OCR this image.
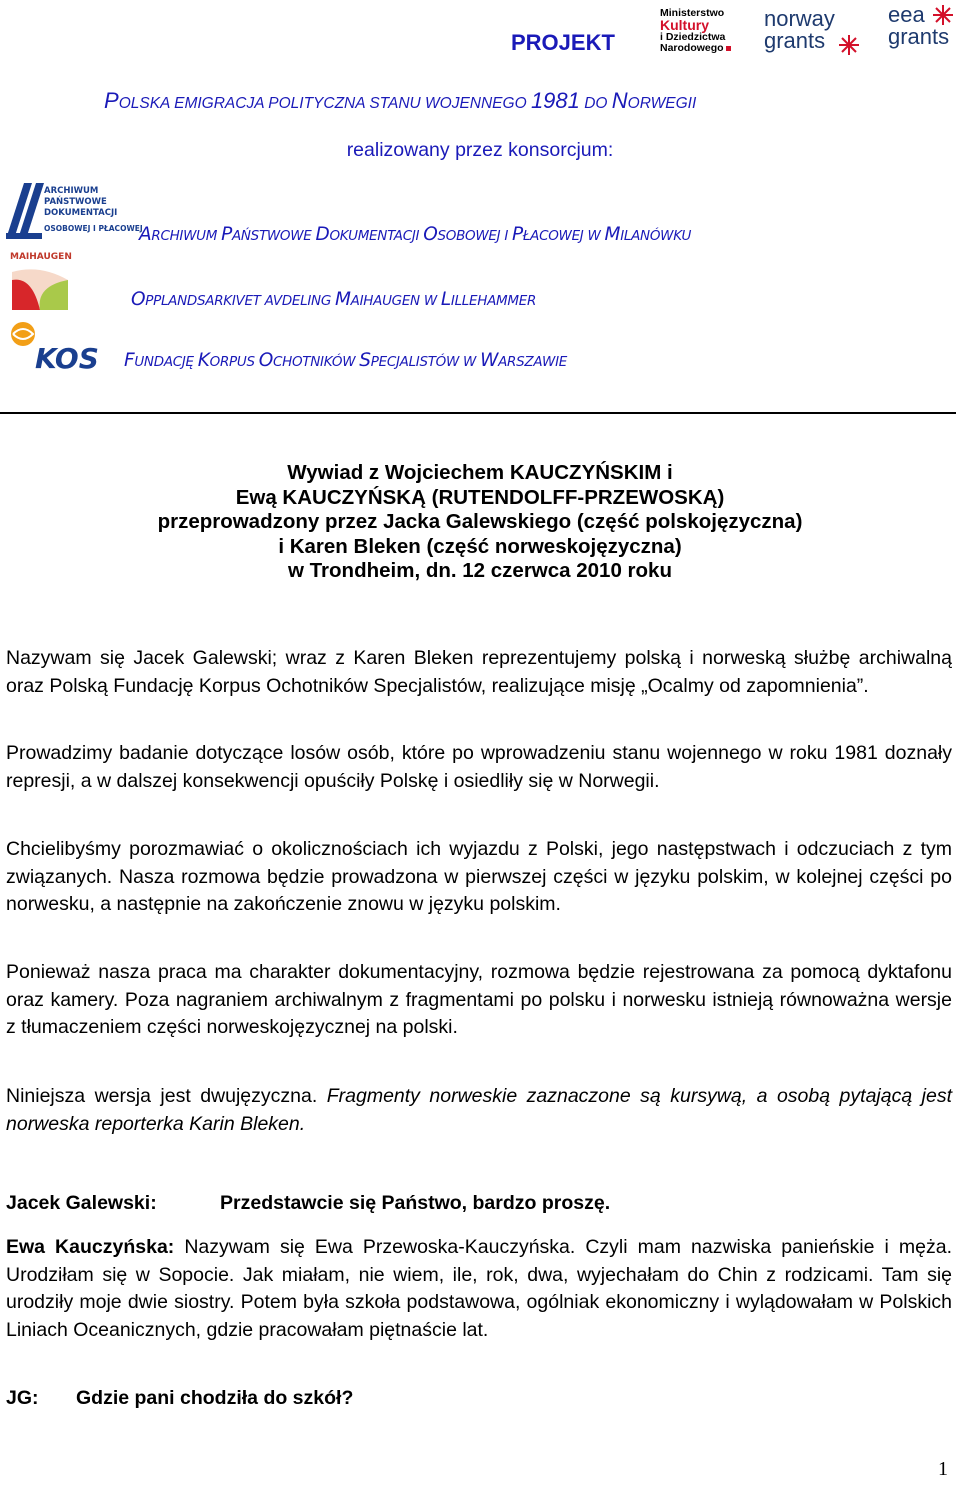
PROJEKT
Ministerstwo

Kultury
i Dziedzictwa
Narodowego
norway
grants
eea
grants
POLSKA EMIGRACJA POLITYCZNA STANU WOJENNEGO 1981 DO NORWEGII
realizowany przez konsorcjum:
ARCHIWUM
PAŃSTWOWE
DOKUMENTACJI
OSOBOWEJ I PŁACOWEJ
MAIHAUGEN
KOS
ARCHIWUM PAŃSTWOWE DOKUMENTACJI OSOBOWEJ I PŁACOWEJ W MILANÓWKU
OPPLANDSARKIVET AVDELING MAIHAUGEN W LILLEHAMMER
FUNDACJĘ KORPUS OCHOTNIKÓW SPECJALISTÓW W WARSZAWIE
Wywiad z Wojciechem KAUCZYŃSKIM i
Ewą KAUCZYŃSKĄ (RUTENDOLFF-PRZEWOSKĄ)
przeprowadzony przez Jacka Galewskiego (część polskojęzyczna)
i Karen Bleken (część norweskojęzyczna)
w Trondheim, dn. 12 czerwca 2010 roku
Nazywam się Jacek Galewski; wraz z Karen Bleken reprezentujemy polską i norweską służbę archiwalną oraz Polską Fundację Korpus Ochotników Specjalistów, realizujące misję „Ocalmy od zapomnienia”.
Prowadzimy badanie dotyczące losów osób, które po wprowadzeniu stanu wojennego w roku 1981 doznały represji, a w dalszej konsekwencji opuściły Polskę i osiedliły się w Norwegii.
Chcielibyśmy porozmawiać o okolicznościach ich wyjazdu z Polski, jego następstwach i odczuciach z tym związanych. Nasza rozmowa będzie prowadzona w pierwszej części w języku polskim, w kolejnej części po norwesku, a następnie na zakończenie znowu w języku polskim.
Ponieważ nasza praca ma charakter dokumentacyjny, rozmowa będzie rejestrowana za pomocą dyktafonu oraz kamery. Poza nagraniem archiwalnym z fragmentami po polsku i norwesku istnieją równoważna wersje z tłumaczeniem części norweskojęzycznej na polski.
Niniejsza wersja jest dwujęzyczna. Fragmenty norweskie zaznaczone są kursywą, a osobą pytającą jest norweska reporterka Karin Bleken.
Jacek Galewski:	Przedstawcie się Państwo, bardzo proszę.
Ewa Kauczyńska: Nazywam się Ewa Przewoska-Kauczyńska. Czyli mam nazwiska panieńskie i męża. Urodziłam się w Sopocie. Jak miałam, nie wiem, ile, rok, dwa, wyjechałam do Chin z rodzicami. Tam się urodziły moje dwie siostry. Potem była szkoła podstawowa, ogólniak ekonomiczny i wylądowałam w Polskich Liniach Oceanicznych, gdzie pracowałam piętnaście lat.
JG: Gdzie pani chodziła do szkół?
1
